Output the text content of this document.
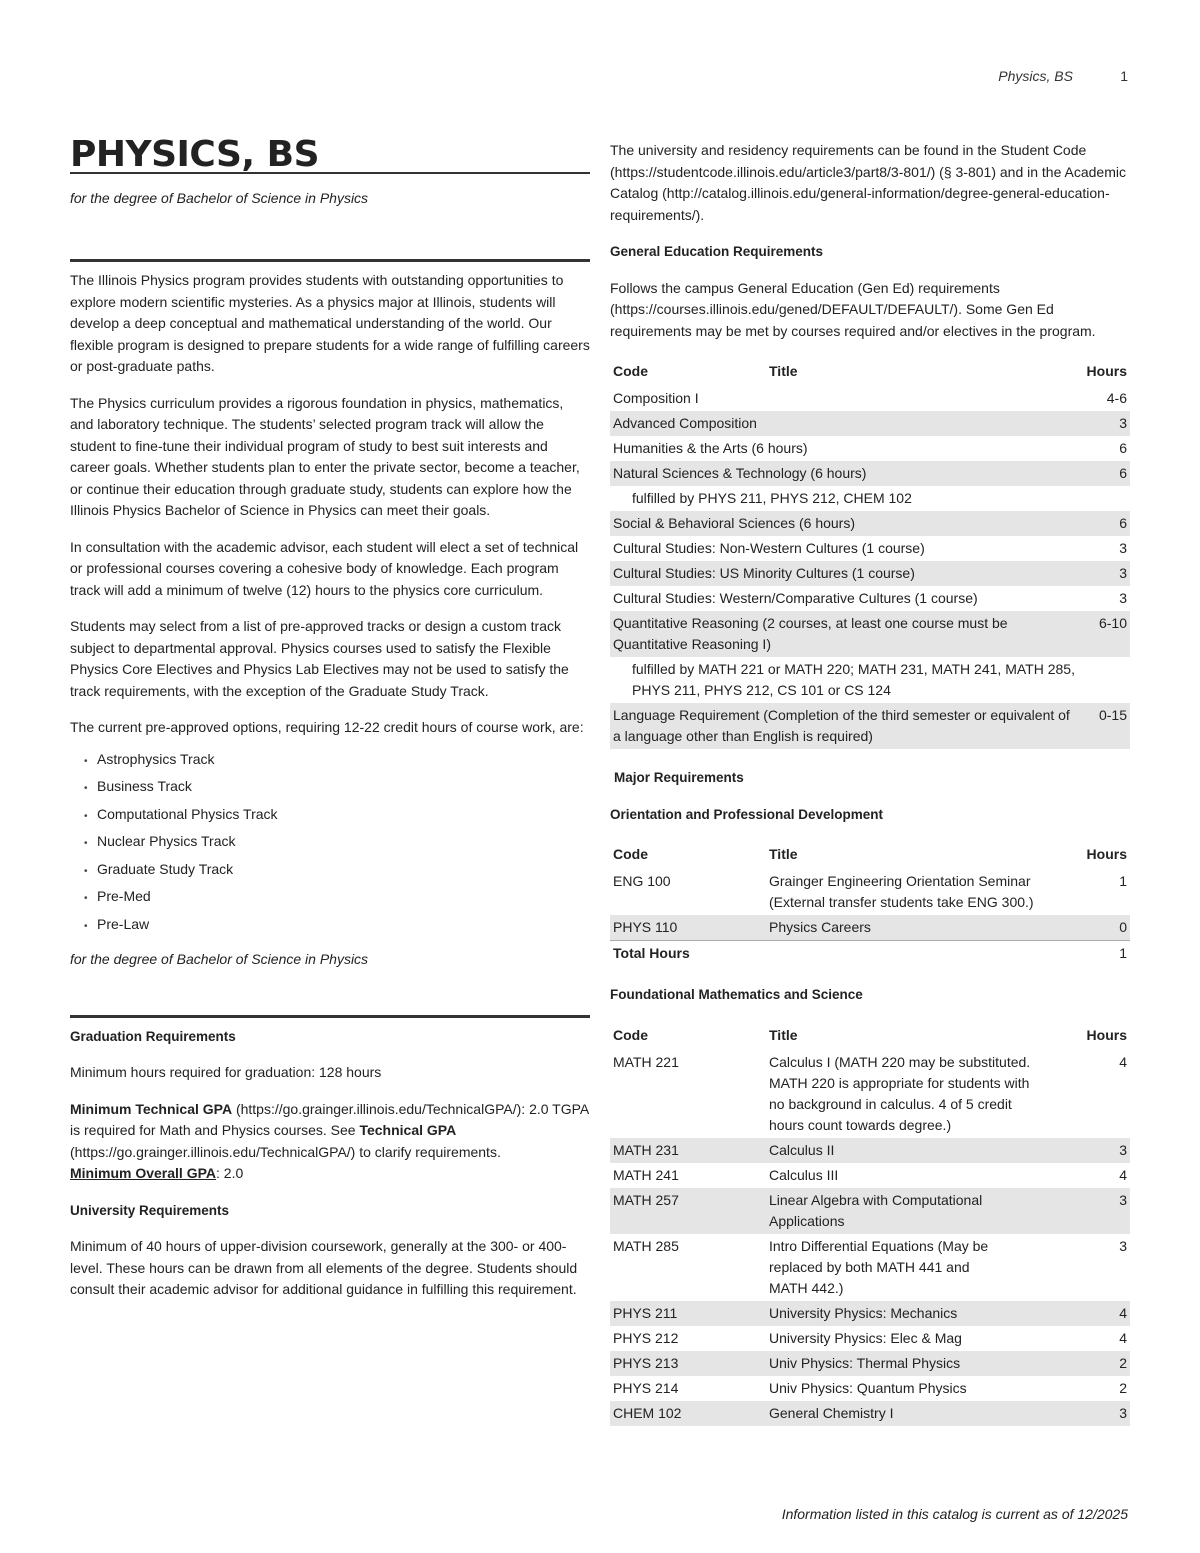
Physics, BS	1
PHYSICS, BS

for the degree of Bachelor of Science in Physics

The Illinois Physics program provides students with outstanding opportunities to explore modern scientific mysteries. As a physics major at Illinois, students will develop a deep conceptual and mathematical understanding of the world. Our flexible program is designed to prepare students for a wide range of fulfilling careers or post-graduate paths.

The Physics curriculum provides a rigorous foundation in physics, mathematics, and laboratory technique. The students’ selected program track will allow the student to fine-tune their individual program of study to best suit interests and career goals. Whether students plan to enter the private sector, become a teacher, or continue their education through graduate study, students can explore how the Illinois Physics Bachelor of Science in Physics can meet their goals.

In consultation with the academic advisor, each student will elect a set of technical or professional courses covering a cohesive body of knowledge. Each program track will add a minimum of twelve (12) hours to the physics core curriculum.

Students may select from a list of pre-approved tracks or design a custom track subject to departmental approval. Physics courses used to satisfy the Flexible Physics Core Electives and Physics Lab Electives may not be used to satisfy the track requirements, with the exception of the Graduate Study Track.

The current pre-approved options, requiring 12-22 credit hours of course work, are:

• Astrophysics Track
• Business Track
• Computational Physics Track
• Nuclear Physics Track
• Graduate Study Track
• Pre-Med
• Pre-Law

for the degree of Bachelor of Science in Physics

Graduation Requirements

Minimum hours required for graduation: 128 hours

Minimum Technical GPA (https://go.grainger.illinois.edu/TechnicalGPA/): 2.0 TGPA is required for Math and Physics courses. See Technical GPA (https://go.grainger.illinois.edu/TechnicalGPA/) to clarify requirements.
Minimum Overall GPA: 2.0

University Requirements

Minimum of 40 hours of upper-division coursework, generally at the 300- or 400-level. These hours can be drawn from all elements of the degree. Students should consult their academic advisor for additional guidance in fulfilling this requirement.

The university and residency requirements can be found in the Student Code (https://studentcode.illinois.edu/article3/part8/3-801/) (§ 3-801) and in the Academic Catalog (http://catalog.illinois.edu/general-information/degree-general-education-requirements/).

General Education Requirements

Follows the campus General Education (Gen Ed) requirements (https://courses.illinois.edu/gened/DEFAULT/DEFAULT/). Some Gen Ed requirements may be met by courses required and/or electives in the program.

Code	Title	Hours
Composition I		4-6
Advanced Composition		3
Humanities & the Arts (6 hours)		6
Natural Sciences & Technology (6 hours)		6
fulfilled by PHYS 211, PHYS 212, CHEM 102		
Social & Behavioral Sciences (6 hours)		6
Cultural Studies: Non-Western Cultures (1 course)		3
Cultural Studies: US Minority Cultures (1 course)		3
Cultural Studies: Western/Comparative Cultures (1 course)		3
Quantitative Reasoning (2 courses, at least one course must be Quantitative Reasoning I)		6-10
fulfilled by MATH 221 or MATH 220; MATH 231, MATH 241, MATH 285, PHYS 211, PHYS 212, CS 101 or CS 124		
Language Requirement (Completion of the third semester or equivalent of a language other than English is required)		0-15
Major Requirements
Orientation and Professional Development
Code	Title	Hours
ENG 100	Grainger Engineering Orientation Seminar (External transfer students take ENG 300.)	1
PHYS 110	Physics Careers	0
Total Hours		1
Foundational Mathematics and Science
Code	Title	Hours
MATH 221	Calculus I (MATH 220 may be substituted. MATH 220 is appropriate for students with no background in calculus. 4 of 5 credit hours count towards degree.)	4
MATH 231	Calculus II	3
MATH 241	Calculus III	4
MATH 257	Linear Algebra with Computational Applications	3
MATH 285	Intro Differential Equations (May be replaced by both MATH 441 and MATH 442.)	3
PHYS 211	University Physics: Mechanics	4
PHYS 212	University Physics: Elec & Mag	4
PHYS 213	Univ Physics: Thermal Physics	2
PHYS 214	Univ Physics: Quantum Physics	2
CHEM 102	General Chemistry I	3
Information listed in this catalog is current as of 12/2025
